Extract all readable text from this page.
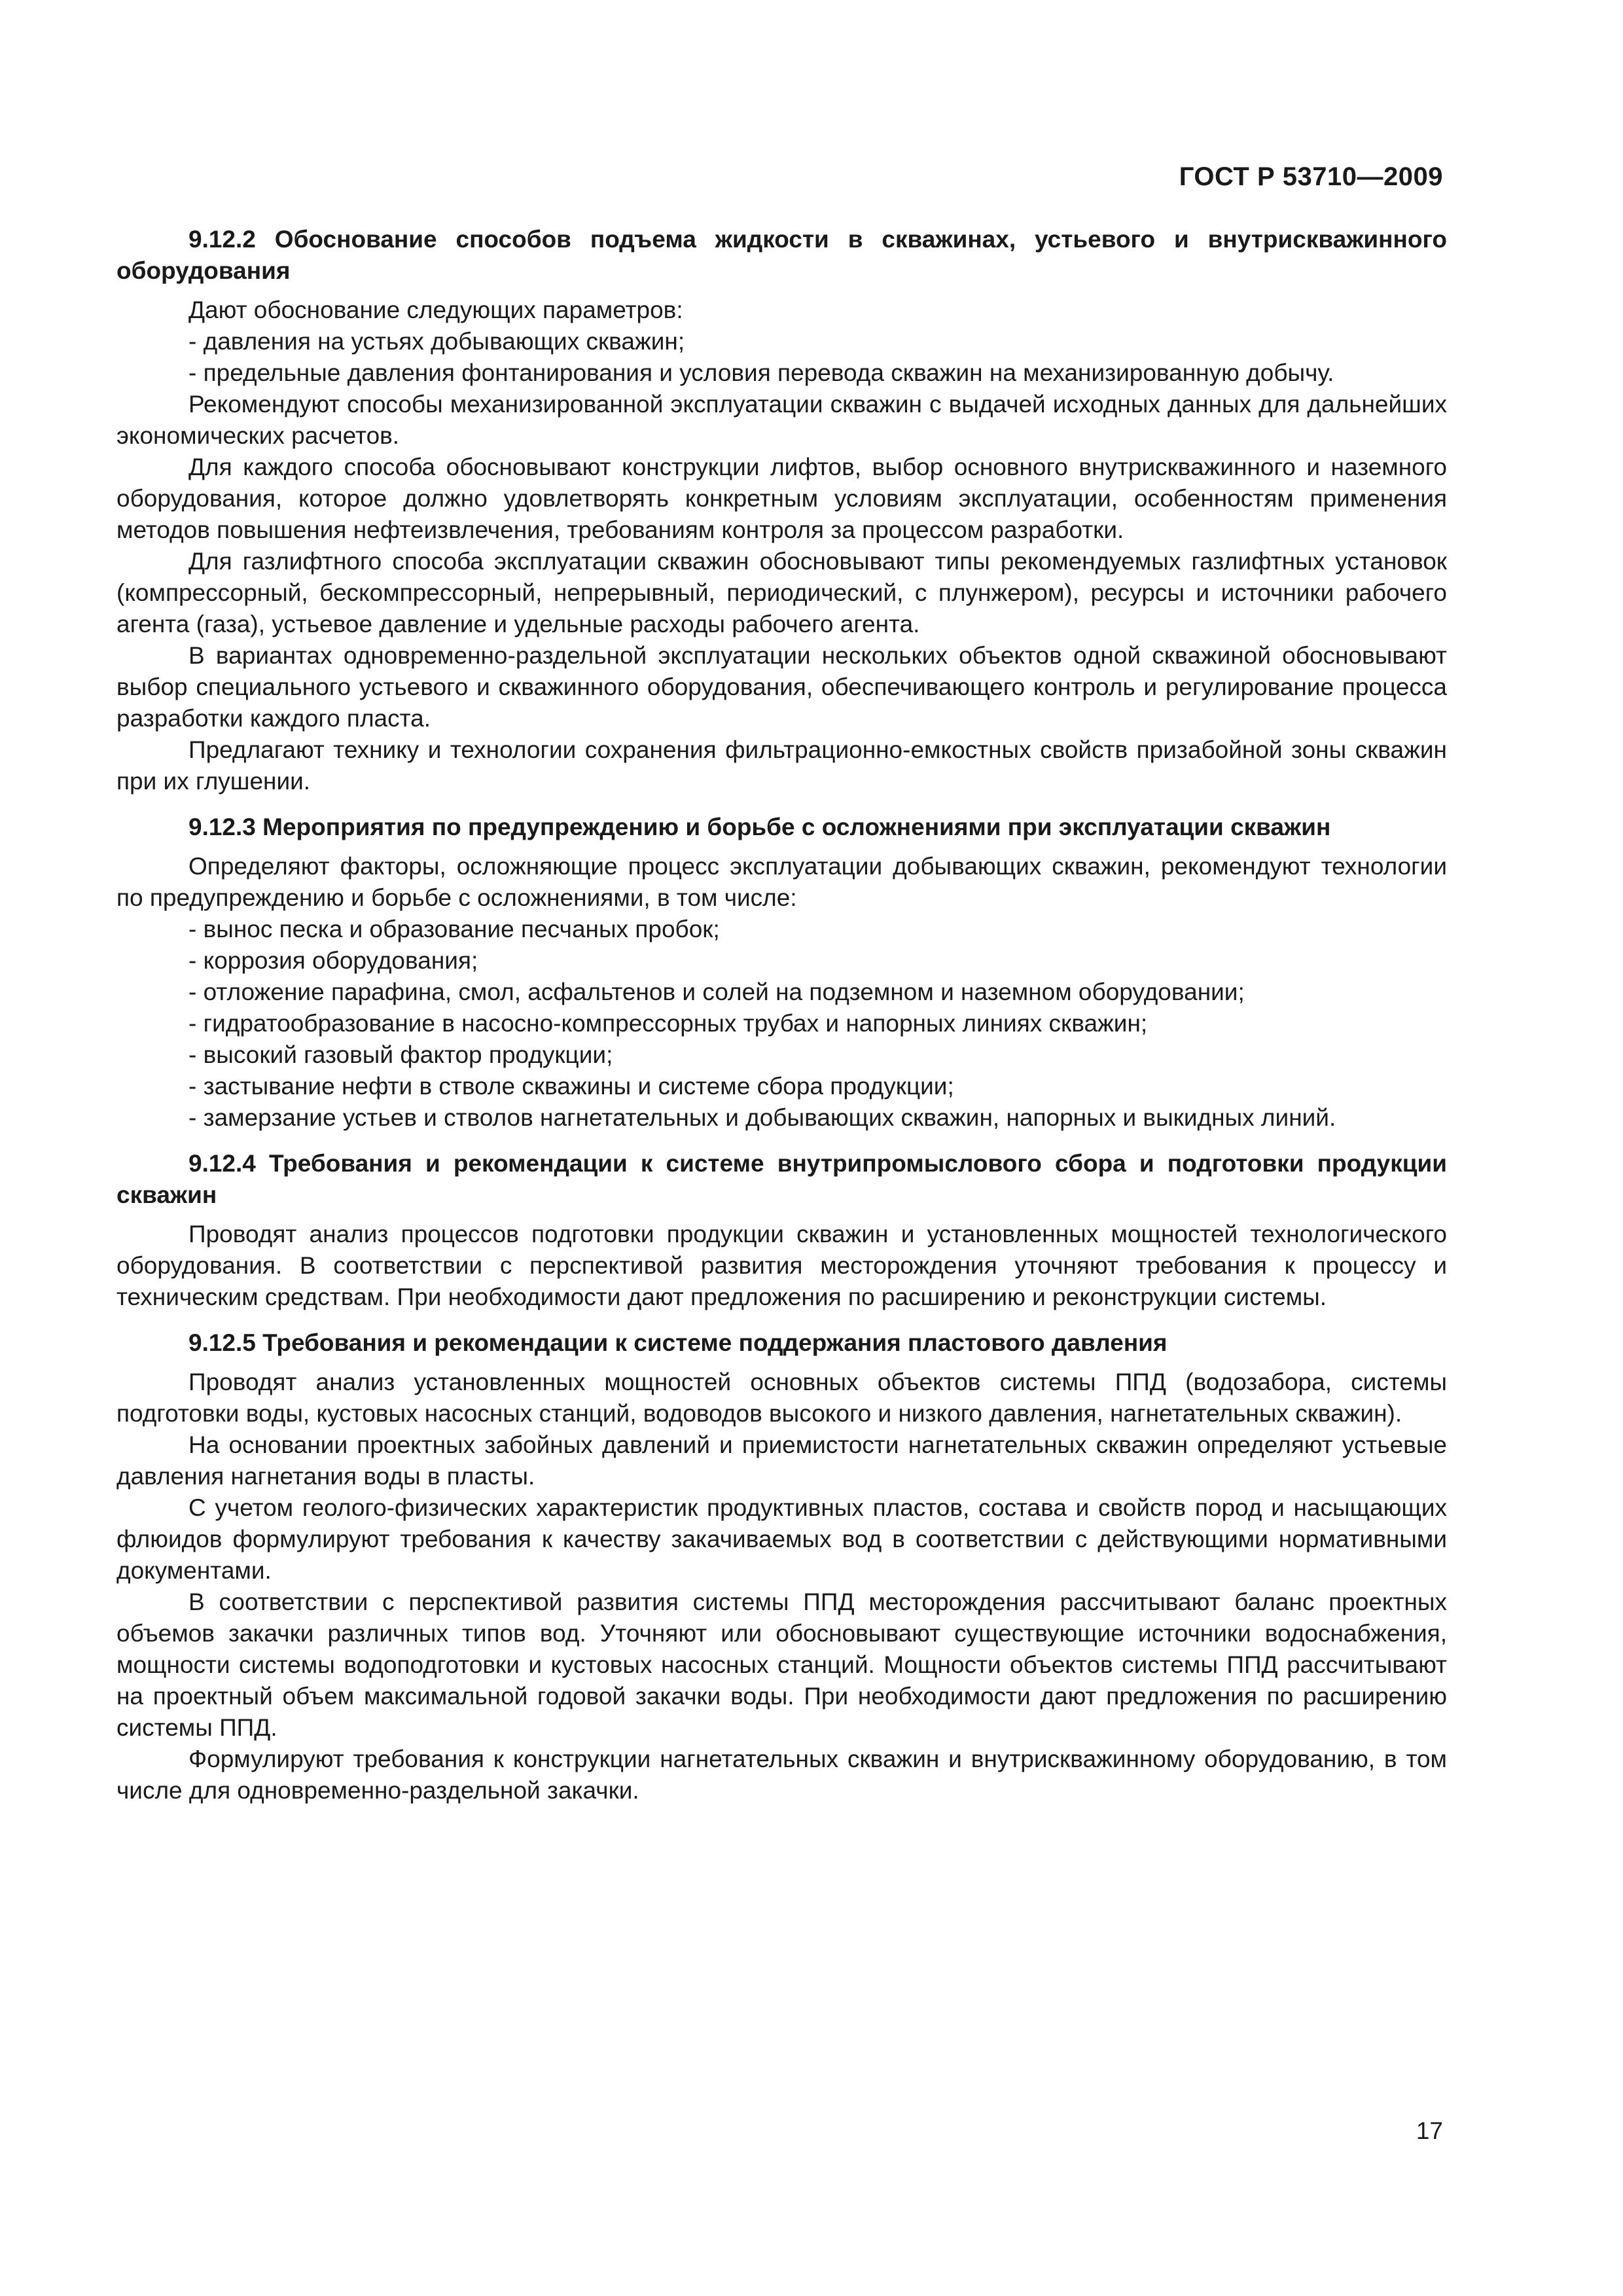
ГОСТ Р 53710—2009
9.12.2 Обоснование способов подъема жидкости в скважинах, устьевого и внутрискважинного оборудования

Дают обоснование следующих параметров:

- давления на устьях добывающих скважин;

- предельные давления фонтанирования и условия перевода скважин на механизированную добычу.

Рекомендуют способы механизированной эксплуатации скважин с выдачей исходных данных для дальнейших экономических расчетов.

Для каждого способа обосновывают конструкции лифтов, выбор основного внутрискважинного и наземного оборудования, которое должно удовлетворять конкретным условиям эксплуатации, особенностям применения методов повышения нефтеизвлечения, требованиям контроля за процессом разработки.

Для газлифтного способа эксплуатации скважин обосновывают типы рекомендуемых газлифтных установок (компрессорный, бескомпрессорный, непрерывный, периодический, с плунжером), ресурсы и источники рабочего агента (газа), устьевое давление и удельные расходы рабочего агента.

В вариантах одновременно-раздельной эксплуатации нескольких объектов одной скважиной обосновывают выбор специального устьевого и скважинного оборудования, обеспечивающего контроль и регулирование процесса разработки каждого пласта.

Предлагают технику и технологии сохранения фильтрационно-емкостных свойств призабойной зоны скважин при их глушении.

9.12.3 Мероприятия по предупреждению и борьбе с осложнениями при эксплуатации скважин

Определяют факторы, осложняющие процесс эксплуатации добывающих скважин, рекомендуют технологии по предупреждению и борьбе с осложнениями, в том числе:

- вынос песка и образование песчаных пробок;

- коррозия оборудования;

- отложение парафина, смол, асфальтенов и солей на подземном и наземном оборудовании;

- гидратообразование в насосно-компрессорных трубах и напорных линиях скважин;

- высокий газовый фактор продукции;

- застывание нефти в стволе скважины и системе сбора продукции;

- замерзание устьев и стволов нагнетательных и добывающих скважин, напорных и выкидных линий.

9.12.4 Требования и рекомендации к системе внутрипромыслового сбора и подготовки продукции скважин

Проводят анализ процессов подготовки продукции скважин и установленных мощностей технологического оборудования. В соответствии с перспективой развития месторождения уточняют требования к процессу и техническим средствам. При необходимости дают предложения по расширению и реконструкции системы.

9.12.5 Требования и рекомендации к системе поддержания пластового давления

Проводят анализ установленных мощностей основных объектов системы ППД (водозабора, системы подготовки воды, кустовых насосных станций, водоводов высокого и низкого давления, нагнетательных скважин).

На основании проектных забойных давлений и приемистости нагнетательных скважин определяют устьевые давления нагнетания воды в пласты.

С учетом геолого-физических характеристик продуктивных пластов, состава и свойств пород и насыщающих флюидов формулируют требования к качеству закачиваемых вод в соответствии с действующими нормативными документами.

В соответствии с перспективой развития системы ППД месторождения рассчитывают баланс проектных объемов закачки различных типов вод. Уточняют или обосновывают существующие источники водоснабжения, мощности системы водоподготовки и кустовых насосных станций. Мощности объектов системы ППД рассчитывают на проектный объем максимальной годовой закачки воды. При необходимости дают предложения по расширению системы ППД.

Формулируют требования к конструкции нагнетательных скважин и внутрискважинному оборудованию, в том числе для одновременно-раздельной закачки.

17
